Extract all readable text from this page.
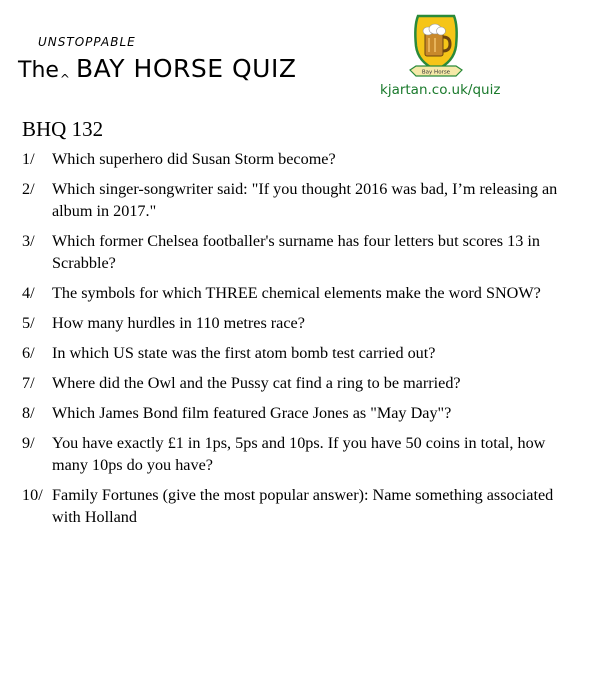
UNSTOPPABLE
The^ BAY HORSE QUIZ	Bay Horse
kjartan.co.uk/quiz
BHQ 132
1/	Which superhero did Susan Storm become?
2/	Which singer-songwriter said: "If you thought 2016 was bad, I’m releasing an album in 2017."
3/	Which former Chelsea footballer's surname has four letters but scores 13 in Scrabble?
4/	The symbols for which THREE chemical elements make the word SNOW?
5/	How many hurdles in 110 metres race?
6/	In which US state was the first atom bomb test carried out?
7/	Where did the Owl and the Pussy cat find a ring to be married?
8/	Which James Bond film featured Grace Jones as "May Day"?
9/	You have exactly £1 in 1ps, 5ps and 10ps. If you have 50 coins in total, how many 10ps do you have?
10/ Family Fortunes (give the most popular answer): Name something associated with Holland
